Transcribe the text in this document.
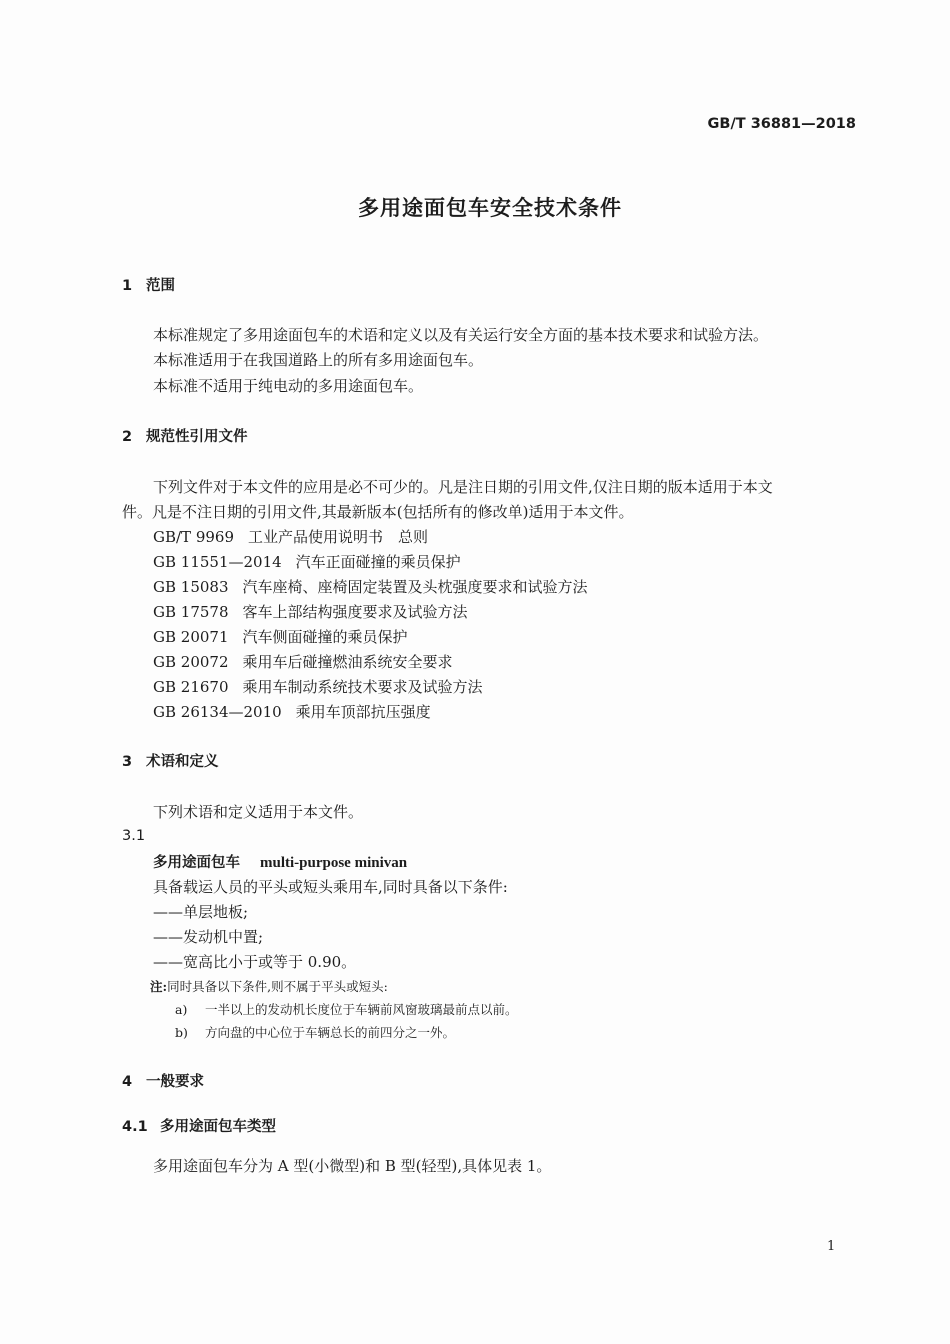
GB/T 36881—2018
多用途面包车安全技术条件
1 范围
本标准规定了多用途面包车的术语和定义以及有关运行安全方面的基本技术要求和试验方法。
本标准适用于在我国道路上的所有多用途面包车。
本标准不适用于纯电动的多用途面包车。
2 规范性引用文件
下列文件对于本文件的应用是必不可少的。凡是注日期的引用文件,仅注日期的版本适用于本文
件。凡是不注日期的引用文件,其最新版本(包括所有的修改单)适用于本文件。
GB/T 9969 工业产品使用说明书　总则
GB 11551—2014 汽车正面碰撞的乘员保护
GB 15083 汽车座椅、座椅固定装置及头枕强度要求和试验方法
GB 17578 客车上部结构强度要求及试验方法
GB 20071 汽车侧面碰撞的乘员保护
GB 20072 乘用车后碰撞燃油系统安全要求
GB 21670 乘用车制动系统技术要求及试验方法
GB 26134—2010 乘用车顶部抗压强度
3 术语和定义
下列术语和定义适用于本文件。
3.1
多用途面包车 multi-purpose minivan
具备载运人员的平头或短头乘用车,同时具备以下条件:
——单层地板;
——发动机中置;
——宽高比小于或等于 0.90。
注:同时具备以下条件,则不属于平头或短头:
a) 一半以上的发动机长度位于车辆前风窗玻璃最前点以前。
b) 方向盘的中心位于车辆总长的前四分之一外。
4 一般要求
4.1 多用途面包车类型
多用途面包车分为 A 型(小微型)和 B 型(轻型),具体见表 1。
1
